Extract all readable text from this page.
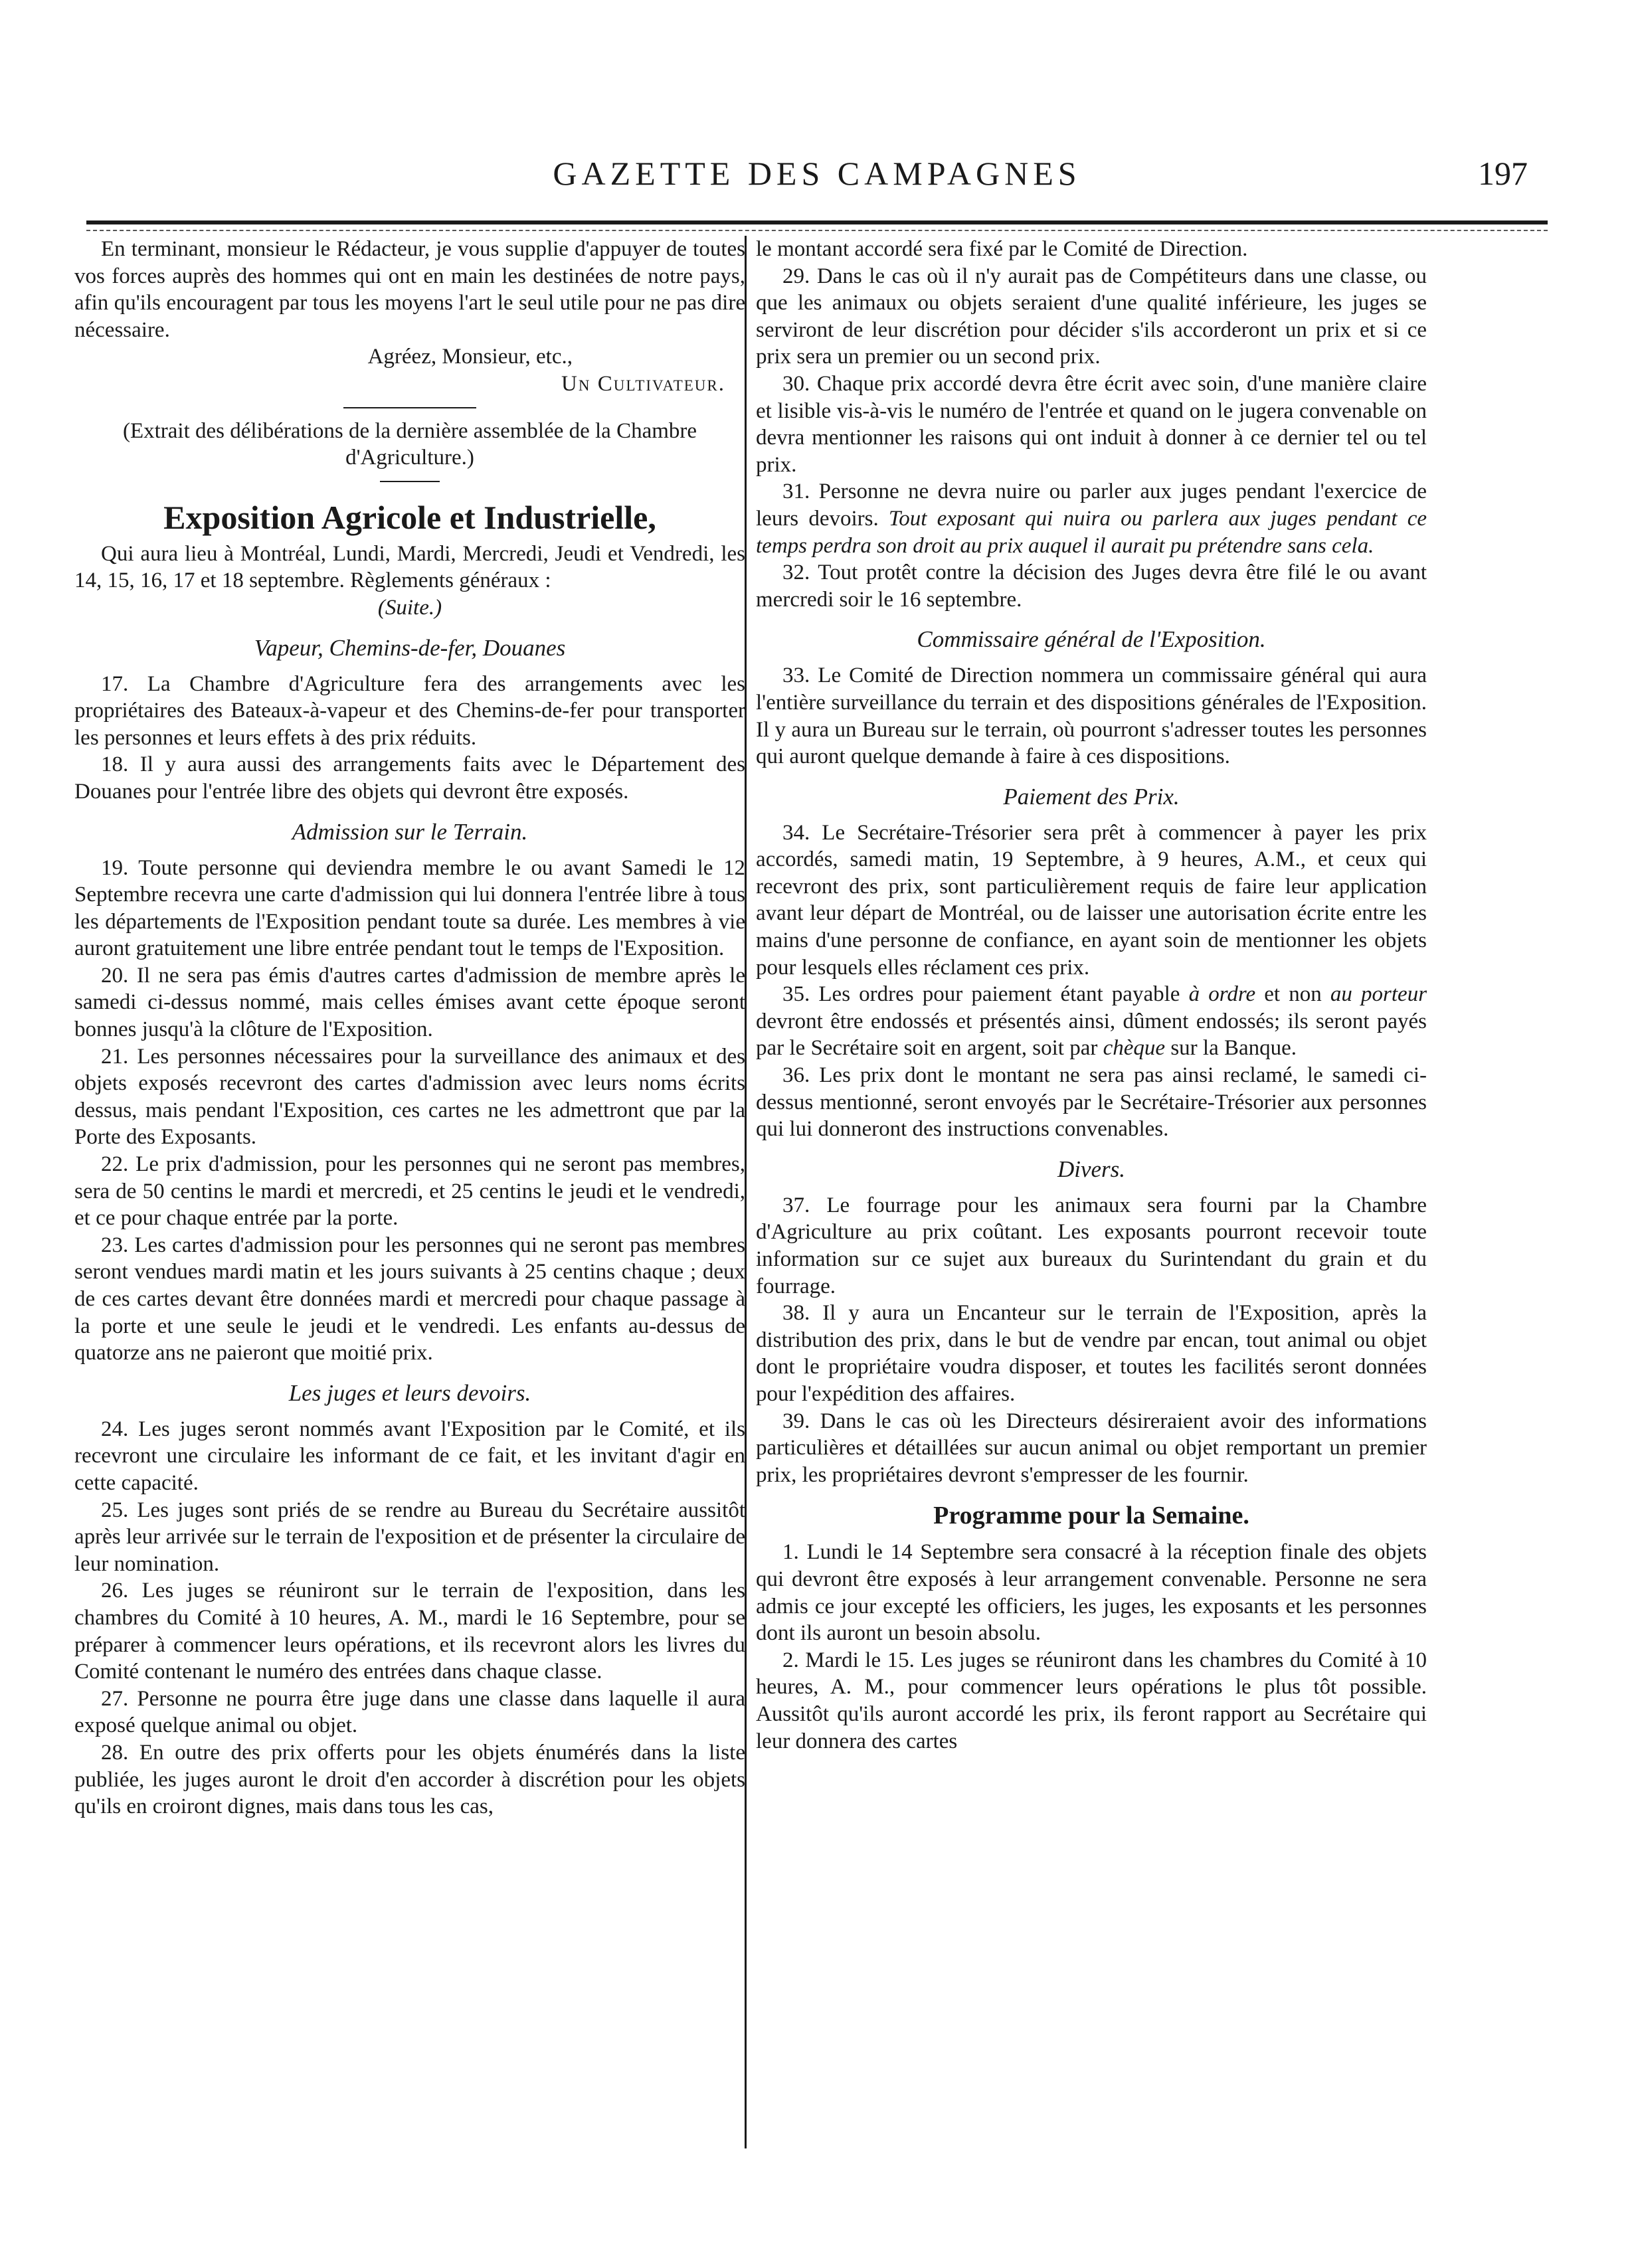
GAZETTE DES CAMPAGNES	197

En terminant, monsieur le Rédacteur, je vous supplie d'appuyer de toutes vos forces auprès des hommes qui ont en main les destinées de notre pays, afin qu'ils encouragent par tous les moyens l'art le seul utile pour ne pas dire nécessaire.

Agréez, Monsieur, etc.,

Un Cultivateur.

(Extrait des délibérations de la dernière assemblée de la Chambre d'Agriculture.)

Exposition Agricole et Industrielle,

Qui aura lieu à Montréal, Lundi, Mardi, Mercredi, Jeudi et Vendredi, les 14, 15, 16, 17 et 18 septembre. Règlements généraux :

(Suite.)

Vapeur, Chemins-de-fer, Douanes

17. La Chambre d'Agriculture fera des arrangements avec les propriétaires des Bateaux-à-vapeur et des Chemins-de-fer pour transporter les personnes et leurs effets à des prix réduits.

18. Il y aura aussi des arrangements faits avec le Département des Douanes pour l'entrée libre des objets qui devront être exposés.

Admission sur le Terrain.

19. Toute personne qui deviendra membre le ou avant Samedi le 12 Septembre recevra une carte d'admission qui lui donnera l'entrée libre à tous les départements de l'Exposition pendant toute sa durée. Les membres à vie auront gratuitement une libre entrée pendant tout le temps de l'Exposition.

20. Il ne sera pas émis d'autres cartes d'admission de membre après le samedi ci-dessus nommé, mais celles émises avant cette époque seront bonnes jusqu'à la clôture de l'Exposition.

21. Les personnes nécessaires pour la surveillance des animaux et des objets exposés recevront des cartes d'admission avec leurs noms écrits dessus, mais pendant l'Exposition, ces cartes ne les admettront que par la Porte des Exposants.

22. Le prix d'admission, pour les personnes qui ne seront pas membres, sera de 50 centins le mardi et mercredi, et 25 centins le jeudi et le vendredi, et ce pour chaque entrée par la porte.

23. Les cartes d'admission pour les personnes qui ne seront pas membres seront vendues mardi matin et les jours suivants à 25 centins chaque ; deux de ces cartes devant être données mardi et mercredi pour chaque passage à la porte et une seule le jeudi et le vendredi. Les enfants au-dessus de quatorze ans ne paieront que moitié prix.

Les juges et leurs devoirs.

24. Les juges seront nommés avant l'Exposition par le Comité, et ils recevront une circulaire les informant de ce fait, et les invitant d'agir en cette capacité.

25. Les juges sont priés de se rendre au Bureau du Secrétaire aussitôt après leur arrivée sur le terrain de l'exposition et de présenter la circulaire de leur nomination.

26. Les juges se réuniront sur le terrain de l'exposition, dans les chambres du Comité à 10 heures, A. M., mardi le 16 Septembre, pour se préparer à commencer leurs opérations, et ils recevront alors les livres du Comité contenant le numéro des entrées dans chaque classe.

27. Personne ne pourra être juge dans une classe dans laquelle il aura exposé quelque animal ou objet.

28. En outre des prix offerts pour les objets énumérés dans la liste publiée, les juges auront le droit d'en accorder à discrétion pour les objets qu'ils en croiront dignes, mais dans tous les cas,

le montant accordé sera fixé par le Comité de Direction.

29. Dans le cas où il n'y aurait pas de Compétiteurs dans une classe, ou que les animaux ou objets seraient d'une qualité inférieure, les juges se serviront de leur discrétion pour décider s'ils accorderont un prix et si ce prix sera un premier ou un second prix.

30. Chaque prix accordé devra être écrit avec soin, d'une manière claire et lisible vis-à-vis le numéro de l'entrée et quand on le jugera convenable on devra mentionner les raisons qui ont induit à donner à ce dernier tel ou tel prix.

31. Personne ne devra nuire ou parler aux juges pendant l'exercice de leurs devoirs. Tout exposant qui nuira ou parlera aux juges pendant ce temps perdra son droit au prix auquel il aurait pu prétendre sans cela.

32. Tout protêt contre la décision des Juges devra être filé le ou avant mercredi soir le 16 septembre.

Commissaire général de l'Exposition.

33. Le Comité de Direction nommera un commissaire général qui aura l'entière surveillance du terrain et des dispositions générales de l'Exposition. Il y aura un Bureau sur le terrain, où pourront s'adresser toutes les personnes qui auront quelque demande à faire à ces dispositions.

Paiement des Prix.

34. Le Secrétaire-Trésorier sera prêt à commencer à payer les prix accordés, samedi matin, 19 Septembre, à 9 heures, A.M., et ceux qui recevront des prix, sont particulièrement requis de faire leur application avant leur départ de Montréal, ou de laisser une autorisation écrite entre les mains d'une personne de confiance, en ayant soin de mentionner les objets pour lesquels elles réclament ces prix.

35. Les ordres pour paiement étant payable à ordre et non au porteur devront être endossés et présentés ainsi, dûment endossés; ils seront payés par le Secrétaire soit en argent, soit par chèque sur la Banque.

36. Les prix dont le montant ne sera pas ainsi reclamé, le samedi ci-dessus mentionné, seront envoyés par le Secrétaire-Trésorier aux personnes qui lui donneront des instructions convenables.

Divers.

37. Le fourrage pour les animaux sera fourni par la Chambre d'Agriculture au prix coûtant. Les exposants pourront recevoir toute information sur ce sujet aux bureaux du Surintendant du grain et du fourrage.

38. Il y aura un Encanteur sur le terrain de l'Exposition, après la distribution des prix, dans le but de vendre par encan, tout animal ou objet dont le propriétaire voudra disposer, et toutes les facilités seront données pour l'expédition des affaires.

39. Dans le cas où les Directeurs désireraient avoir des informations particulières et détaillées sur aucun animal ou objet remportant un premier prix, les propriétaires devront s'empresser de les fournir.

Programme pour la Semaine.

1. Lundi le 14 Septembre sera consacré à la réception finale des objets qui devront être exposés à leur arrangement convenable. Personne ne sera admis ce jour excepté les officiers, les juges, les exposants et les personnes dont ils auront un besoin absolu.

2. Mardi le 15. Les juges se réuniront dans les chambres du Comité à 10 heures, A. M., pour commencer leurs opérations le plus tôt possible. Aussitôt qu'ils auront accordé les prix, ils feront rapport au Secrétaire qui leur donnera des cartes
